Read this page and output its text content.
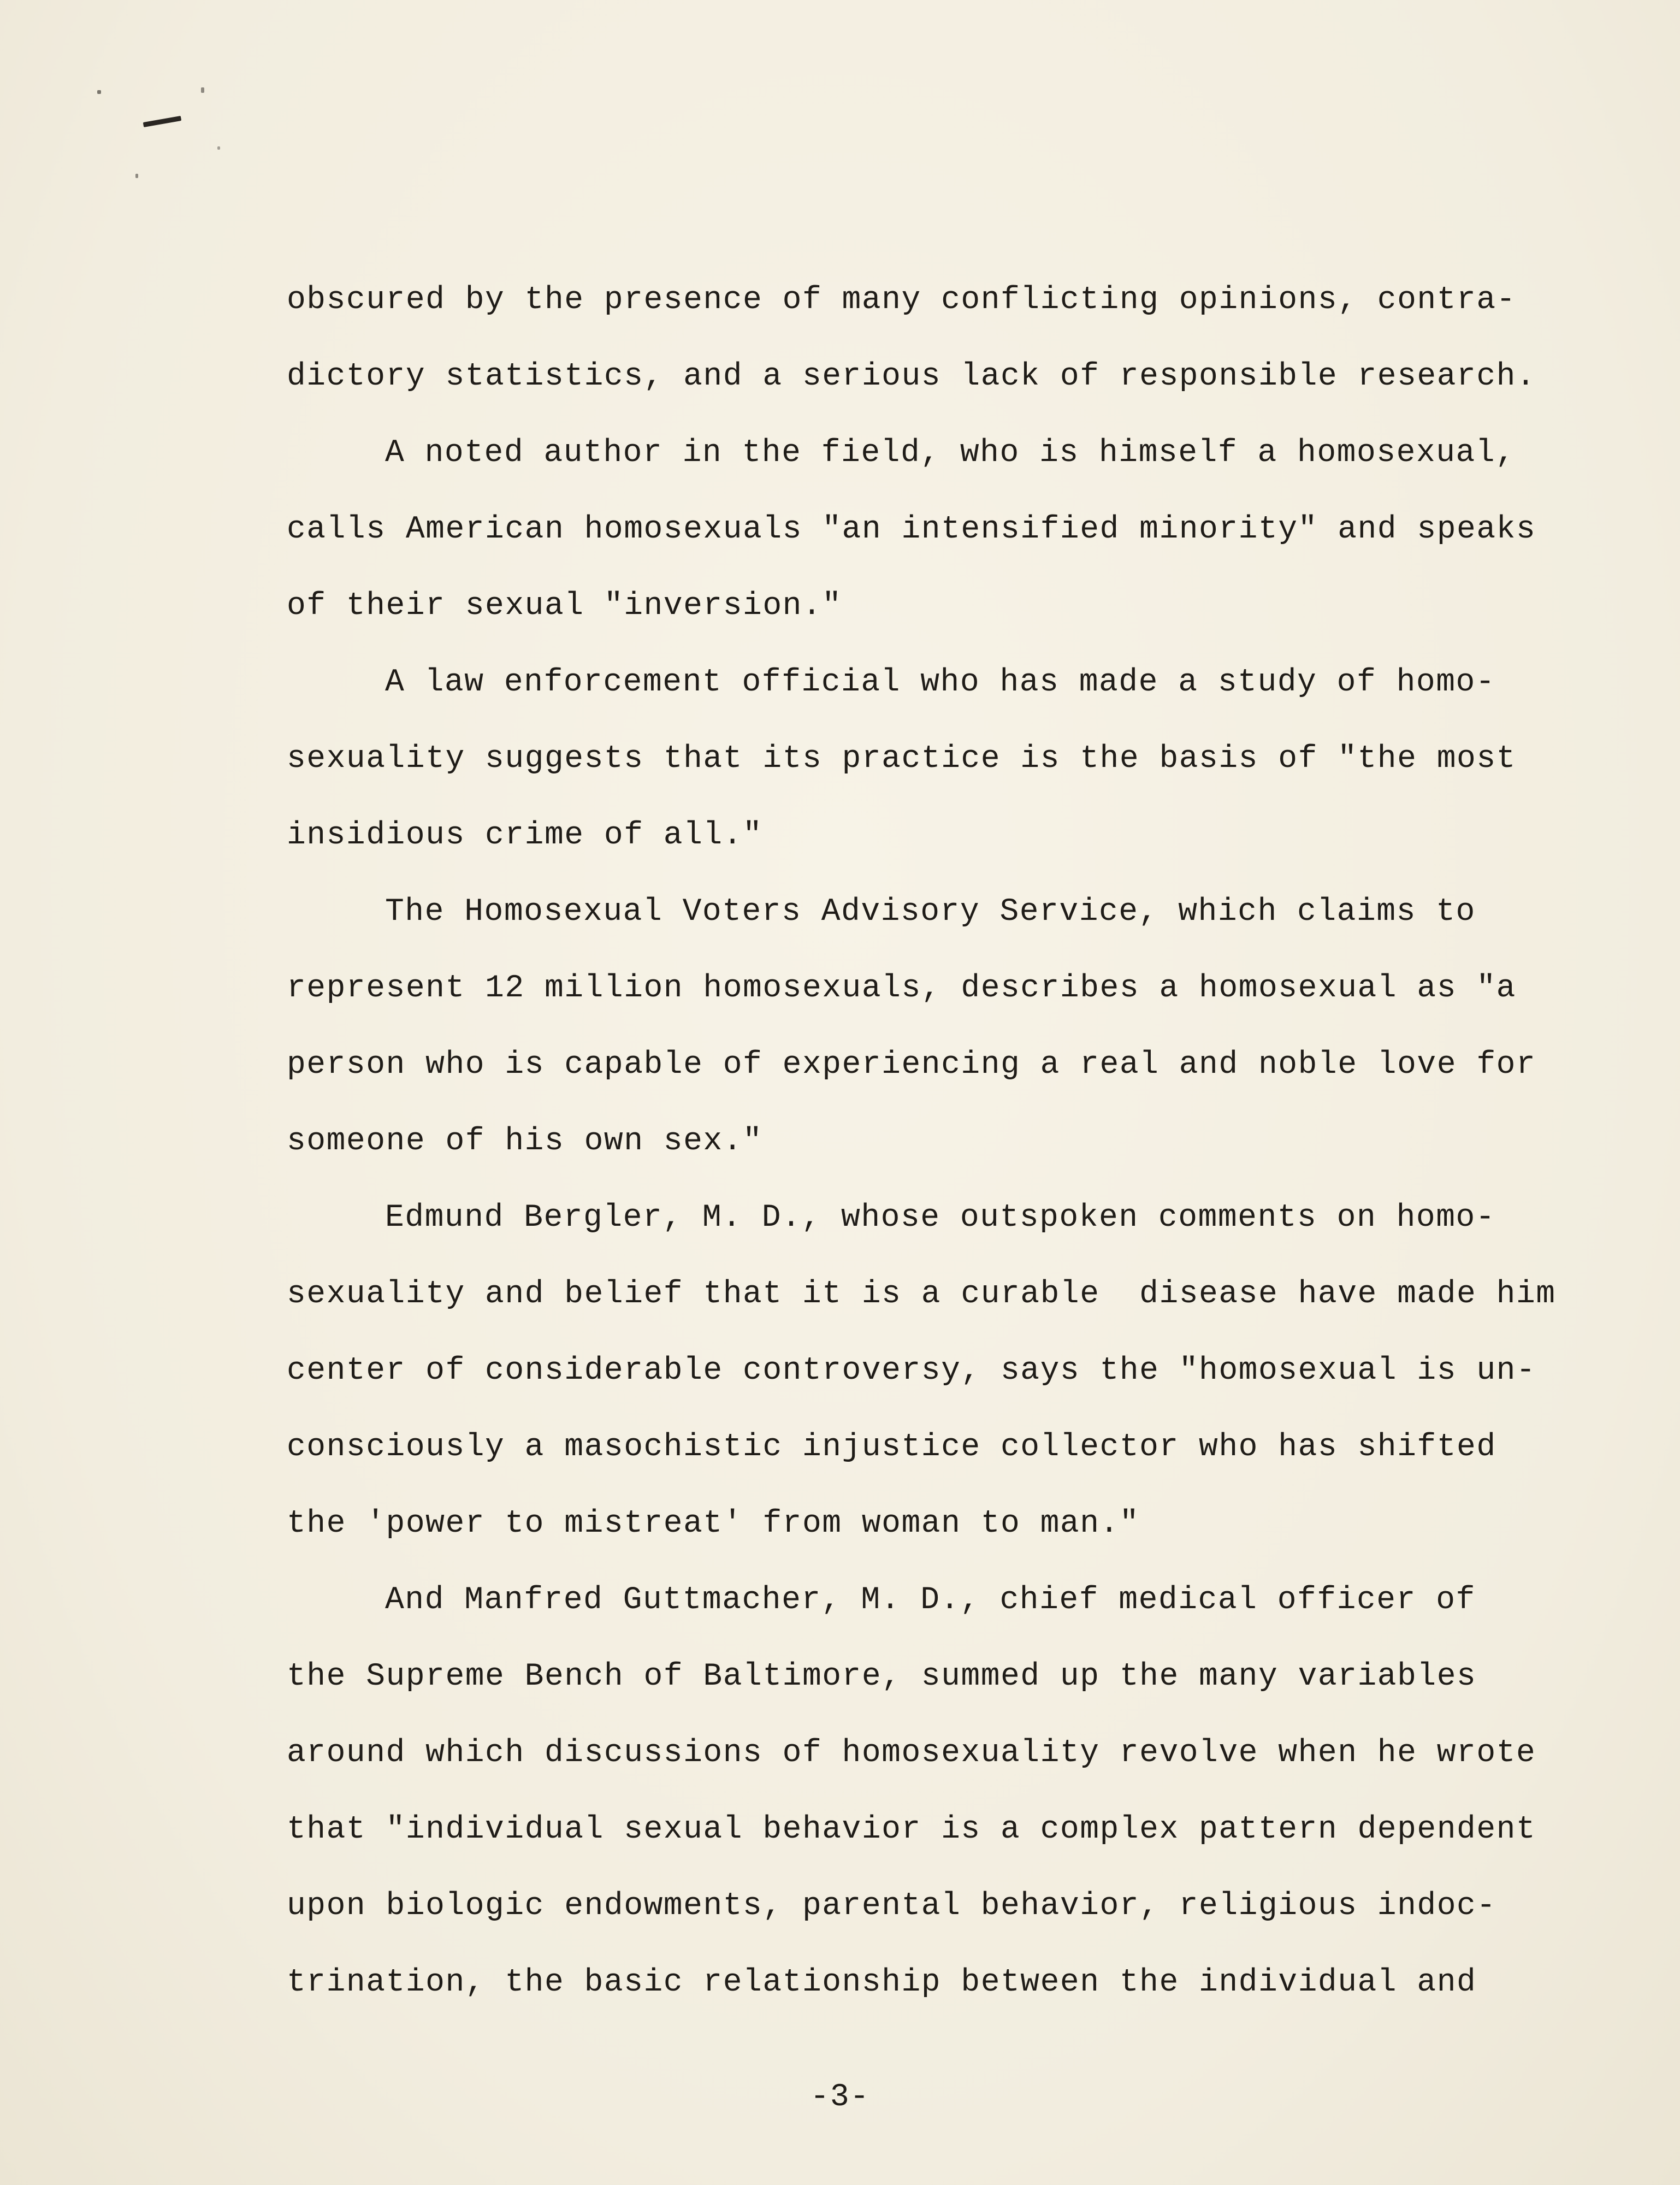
obscured by the presence of many conflicting opinions, contra-
dictory statistics, and a serious lack of responsible research.
A noted author in the field, who is himself a homosexual,
calls American homosexuals "an intensified minority" and speaks
of their sexual "inversion."
A law enforcement official who has made a study of homo-
sexuality suggests that its practice is the basis of "the most
insidious crime of all."
The Homosexual Voters Advisory Service, which claims to
represent 12 million homosexuals, describes a homosexual as "a
person who is capable of experiencing a real and noble love for
someone of his own sex."
Edmund Bergler, M. D., whose outspoken comments on homo-
sexuality and belief that it is a curable  disease have made him
center of considerable controversy, says the "homosexual is un-
consciously a masochistic injustice collector who has shifted
the 'power to mistreat' from woman to man."
And Manfred Guttmacher, M. D., chief medical officer of
the Supreme Bench of Baltimore, summed up the many variables
around which discussions of homosexuality revolve when he wrote
that "individual sexual behavior is a complex pattern dependent
upon biologic endowments, parental behavior, religious indoc-
trination, the basic relationship between the individual and
-3-
